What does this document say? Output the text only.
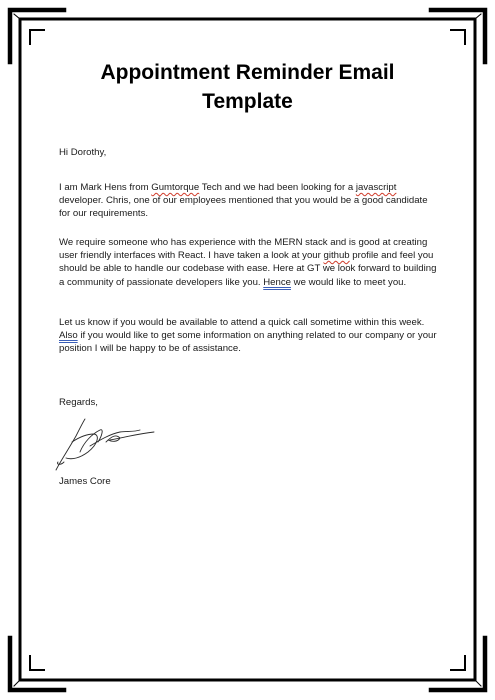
Appointment Reminder Email Template
Hi Dorothy,
I am Mark Hens from Gumtorque Tech and we had been looking for a javascript developer. Chris, one of our employees mentioned that you would be a good candidate for our requirements.
We require someone who has experience with the MERN stack and is good at creating user friendly interfaces with React. I have taken a look at your github profile and feel you should be able to handle our codebase with ease. Here at GT we look forward to building a community of passionate developers like you. Hence we would like to meet you.
Let us know if you would be available to attend a quick call sometime within this week. Also if you would like to get some information on anything related to our company or your position I will be happy to be of assistance.
Regards,
James Core
